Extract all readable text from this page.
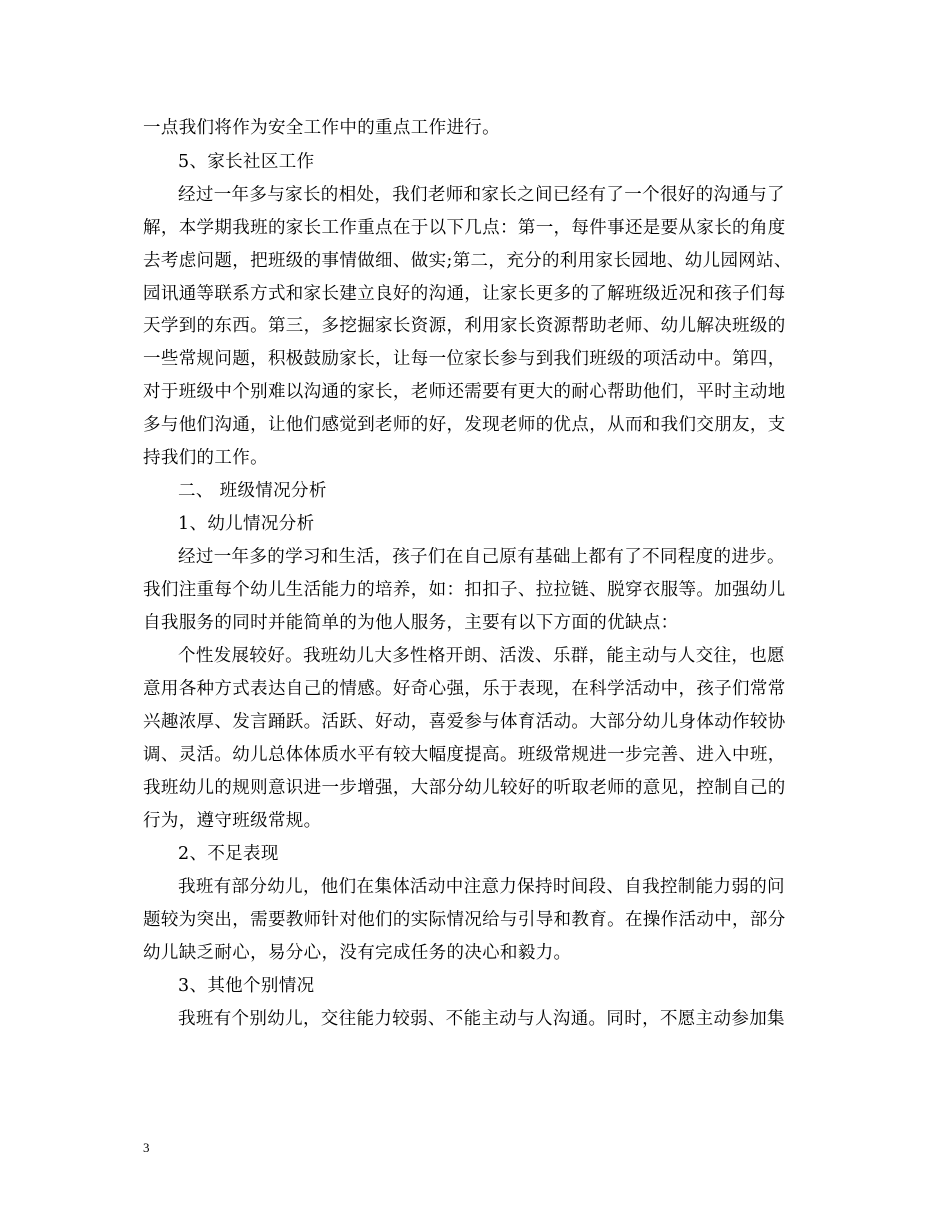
一点我们将作为安全工作中的重点工作进行。
5、家长社区工作
经过一年多与家长的相处，我们老师和家长之间已经有了一个很好的沟通与了
解，本学期我班的家长工作重点在于以下几点：第一，每件事还是要从家长的角度
去考虑问题，把班级的事情做细、做实;第二，充分的利用家长园地、幼儿园网站、
园讯通等联系方式和家长建立良好的沟通，让家长更多的了解班级近况和孩子们每
天学到的东西。第三，多挖掘家长资源，利用家长资源帮助老师、幼儿解决班级的
一些常规问题，积极鼓励家长，让每一位家长参与到我们班级的项活动中。第四，
对于班级中个别难以沟通的家长，老师还需要有更大的耐心帮助他们，平时主动地
多与他们沟通，让他们感觉到老师的好，发现老师的优点，从而和我们交朋友，支
持我们的工作。
二、 班级情况分析
1、幼儿情况分析
经过一年多的学习和生活，孩子们在自己原有基础上都有了不同程度的进步。
我们注重每个幼儿生活能力的培养，如：扣扣子、拉拉链、脱穿衣服等。加强幼儿
自我服务的同时并能简单的为他人服务，主要有以下方面的优缺点：
个性发展较好。我班幼儿大多性格开朗、活泼、乐群，能主动与人交往，也愿
意用各种方式表达自己的情感。好奇心强，乐于表现，在科学活动中，孩子们常常
兴趣浓厚、发言踊跃。活跃、好动，喜爱参与体育活动。大部分幼儿身体动作较协
调、灵活。幼儿总体体质水平有较大幅度提高。班级常规进一步完善、进入中班，
我班幼儿的规则意识进一步增强，大部分幼儿较好的听取老师的意见，控制自己的
行为，遵守班级常规。
2、不足表现
我班有部分幼儿，他们在集体活动中注意力保持时间段、自我控制能力弱的问
题较为突出，需要教师针对他们的实际情况给与引导和教育。在操作活动中，部分
幼儿缺乏耐心，易分心，没有完成任务的决心和毅力。
3、其他个别情况
我班有个别幼儿，交往能力较弱、不能主动与人沟通。同时，不愿主动参加集
3
